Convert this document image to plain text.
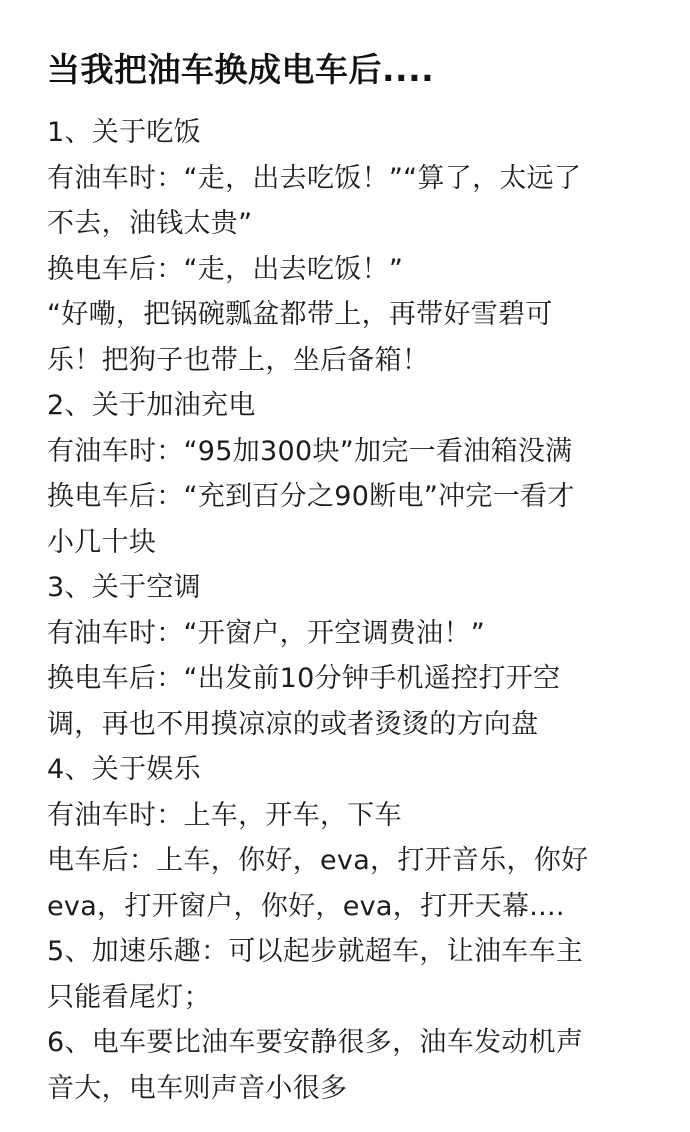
当我把油车换成电车后....
1、关于吃饭
有油车时：“走，出去吃饭！”“算了，太远了
不去，油钱太贵”
换电车后：“走，出去吃饭！”
“好嘞，把锅碗瓢盆都带上，再带好雪碧可
乐！把狗子也带上，坐后备箱！
2、关于加油充电
有油车时：“95加300块”加完一看油箱没满
换电车后：“充到百分之90断电”冲完一看才
小几十块
3、关于空调
有油车时：“开窗户，开空调费油！”
换电车后：“出发前10分钟手机遥控打开空
调，再也不用摸凉凉的或者烫烫的方向盘
4、关于娱乐
有油车时：上车，开车，下车
电车后：上车，你好，eva，打开音乐，你好
eva，打开窗户，你好，eva，打开天幕....
5、加速乐趣：可以起步就超车，让油车车主
只能看尾灯；
6、电车要比油车要安静很多，油车发动机声
音大，电车则声音小很多
